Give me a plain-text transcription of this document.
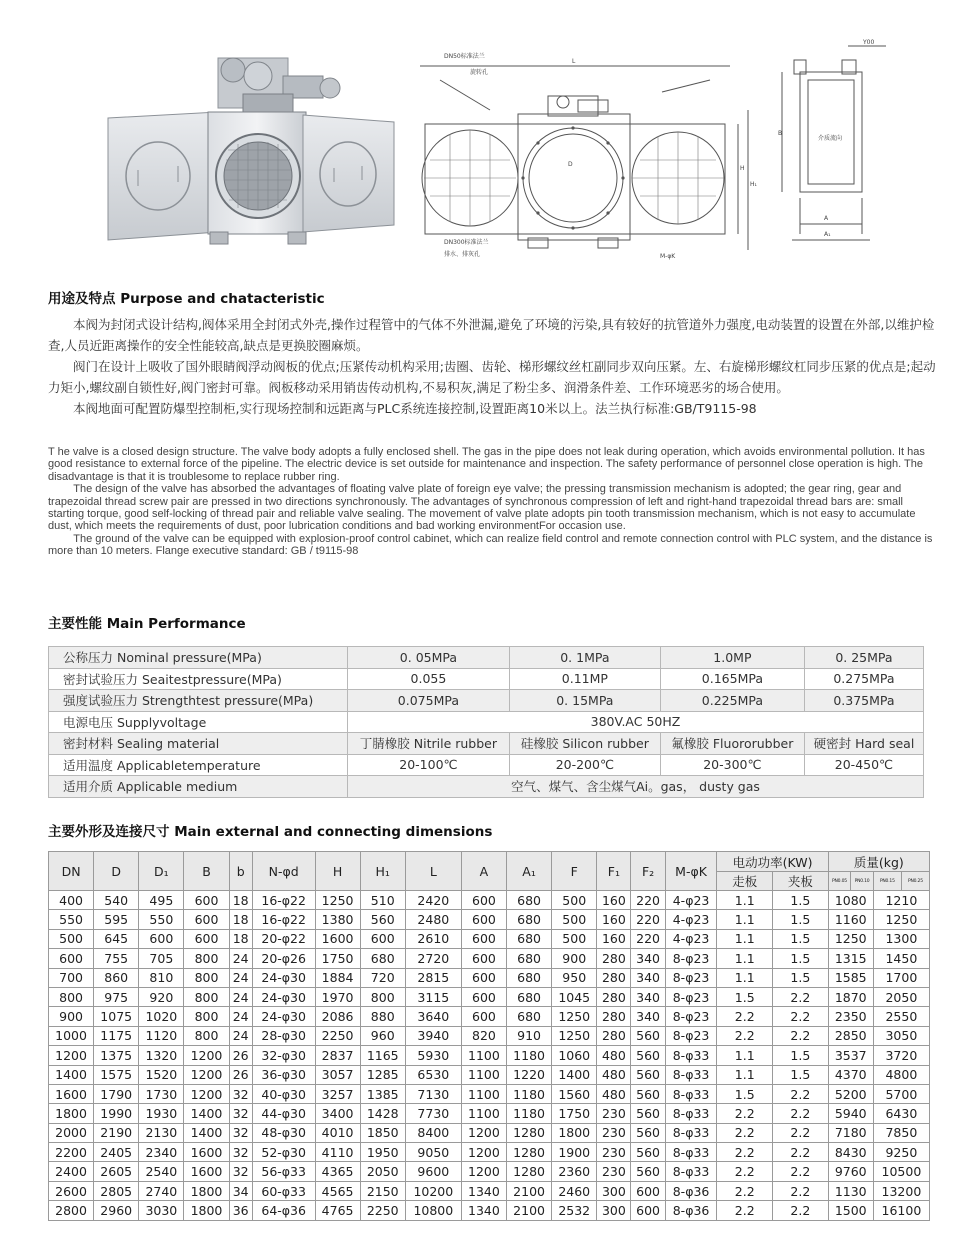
DN50标准法兰
旋转孔
DN300标准法兰
排水、排灰孔	M-φK
L
H
H₁
D
Y00
介质流向
A
A₁
B
用途及特点 Purpose and chatacteristic

本阀为封闭式设计结构,阀体采用全封闭式外壳,操作过程管中的气体不外泄漏,避免了环境的污染,具有较好的抗管道外力强度,电动装置的设置在外部,以维护检查,人员近距离操作的安全性能较高,缺点是更换胶圈麻烦。

阀门在设计上吸收了国外眼睛阀浮动阀板的优点;压紧传动机构采用;齿圈、齿轮、梯形螺纹丝杠副同步双向压紧。左、右旋梯形螺纹杠同步压紧的优点是;起动力矩小,螺纹副自锁性好,阀门密封可靠。阀板移动采用销齿传动机构,不易积灰,满足了粉尘多、润滑条件差、工作环境恶劣的场合使用。

本阀地面可配置防爆型控制柜,实行现场控制和远距离与PLC系统连接控制,设置距离10米以上。法兰执行标准:GB/T9115-98

T he valve is a closed design structure. The valve body adopts a fully enclosed shell. The gas in the pipe does not leak during operation, which avoids environmental pollution. It has good resistance to external force of the pipeline. The electric device is set outside for maintenance and inspection. The safety performance of personnel close operation is high. The disadvantage is that it is troublesome to replace rubber ring.

The design of the valve has absorbed the advantages of floating valve plate of foreign eye valve; the pressing transmission mechanism is adopted; the gear ring, gear and trapezoidal thread screw pair are pressed in two directions synchronously. The advantages of synchronous compression of left and right-hand trapezoidal thread bars are: small starting torque, good self-locking of thread pair and reliable valve sealing. The movement of valve plate adopts pin tooth transmission mechanism, which is not easy to accumulate dust, which meets the requirements of dust, poor lubrication conditions and bad working environmentFor occasion use.

The ground of the valve can be equipped with explosion-proof control cabinet, which can realize field control and remote connection control with PLC system, and the distance is more than 10 meters. Flange executive standard: GB / t9115-98

主要性能 Main Performance
公称压力 Nominal pressure(MPa)	0. 05MPa	0. 1MPa	1.0MP	0. 25MPa
密封试验压力 Seaitestpressure(MPa)	0.055	0.11MP	0.165MPa	0.275MPa
强度试验压力 Strengthtest pressure(MPa)	0.075MPa	0. 15MPa	0.225MPa	0.375MPa
电源电压 Supplyvoltage	380V.AC 50HZ			
密封材料 Sealing material	丁腈橡胶 Nitrile rubber	硅橡胶 Silicon rubber	氟橡胶 Fluororubber	硬密封 Hard seal
适用温度 Applicabletemperature	20-100℃	20-200℃	20-300℃	20-450℃
适用介质 Applicable medium	空气、煤气、含尘煤气Ai。gas， dusty gas			
主要外形及连接尺寸 Main external and connecting dimensions
DN	D	D₁	B	b	N-φd	H	H₁	L	A	A₁	F	F₁	F₂	M-φK	电动功率(KW)		质量(kg)			
															走板	夹板	PN0.05	PN0.10	PN0.15	PN0.25
400	540	495	600	18	16-φ22	1250	510	2420	600	680	500	160	220	4-φ23	1.1	1.5	1080		1210	
550	595	550	600	18	16-φ22	1380	560	2480	600	680	500	160	220	4-φ23	1.1	1.5	1160		1250	
500	645	600	600	18	20-φ22	1600	600	2610	600	680	500	160	220	4-φ23	1.1	1.5	1250		1300	
600	755	705	800	24	20-φ26	1750	680	2720	600	680	900	280	340	8-φ23	1.1	1.5	1315		1450	
700	860	810	800	24	24-φ30	1884	720	2815	600	680	950	280	340	8-φ23	1.1	1.5	1585		1700	
800	975	920	800	24	24-φ30	1970	800	3115	600	680	1045	280	340	8-φ23	1.5	2.2	1870		2050	
900	1075	1020	800	24	24-φ30	2086	880	3640	600	680	1250	280	340	8-φ23	2.2	2.2	2350		2550	
1000	1175	1120	800	24	28-φ30	2250	960	3940	820	910	1250	280	560	8-φ23	2.2	2.2	2850		3050	
1200	1375	1320	1200	26	32-φ30	2837	1165	5930	1100	1180	1060	480	560	8-φ33	1.1	1.5	3537		3720	
1400	1575	1520	1200	26	36-φ30	3057	1285	6530	1100	1220	1400	480	560	8-φ33	1.1	1.5	4370		4800	
1600	1790	1730	1200	32	40-φ30	3257	1385	7130	1100	1180	1560	480	560	8-φ33	1.5	2.2	5200		5700	
1800	1990	1930	1400	32	44-φ30	3400	1428	7730	1100	1180	1750	230	560	8-φ33	2.2	2.2	5940		6430	
2000	2190	2130	1400	32	48-φ30	4010	1850	8400	1200	1280	1800	230	560	8-φ33	2.2	2.2	7180		7850	
2200	2405	2340	1600	32	52-φ30	4110	1950	9050	1200	1280	1900	230	560	8-φ33	2.2	2.2	8430		9250	
2400	2605	2540	1600	32	56-φ33	4365	2050	9600	1200	1280	2360	230	560	8-φ33	2.2	2.2	9760		10500	
2600	2805	2740	1800	34	60-φ33	4565	2150	10200	1340	2100	2460	300	600	8-φ36	2.2	2.2	1130		13200	
2800	2960	3030	1800	36	64-φ36	4765	2250	10800	1340	2100	2532	300	600	8-φ36	2.2	2.2	1500		16100	
